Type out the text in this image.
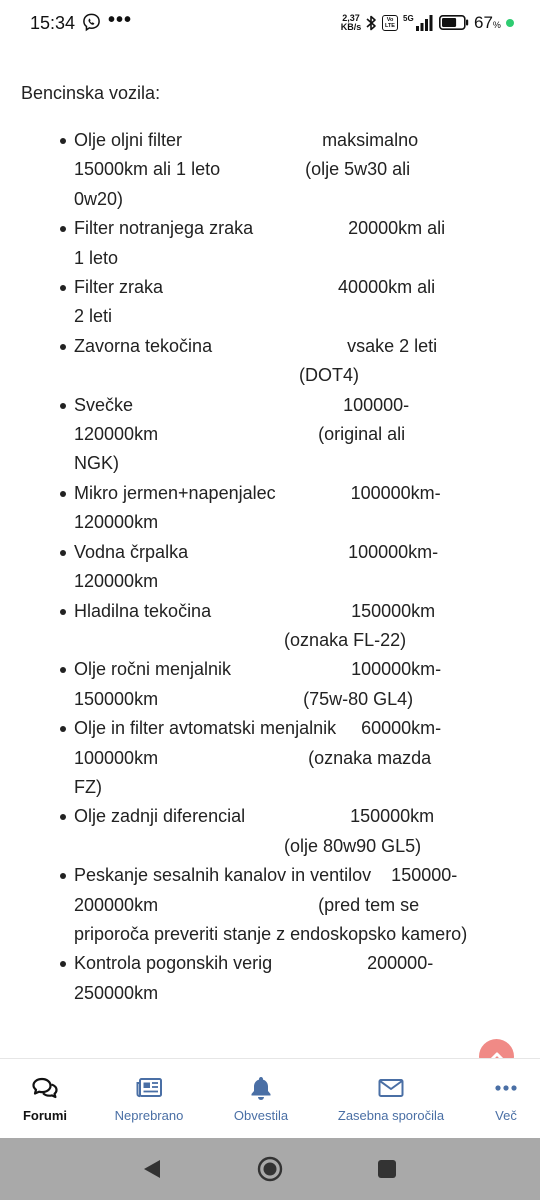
15:34 •••	2,37
KB/s
Vo LTE
5G	67%
Bencinska vozila:
Olje oljni filter                            maksimalno
15000km ali 1 leto                 (olje 5w30 ali
0w20)
Filter notranjega zraka                   20000km ali
1 leto
Filter zraka                                   40000km ali
2 leti
Zavorna tekočina                           vsake 2 leti
(DOT4)
Svečke                                          100000-
120000km                                (original ali
NGK)
Mikro jermen+napenjalec               100000km-
120000km
Vodna črpalka                                100000km-
120000km
Hladilna tekočina                            150000km
(oznaka FL-22)
Olje ročni menjalnik                        100000km-
150000km                             (75w-80 GL4)
Olje in filter avtomatski menjalnik     60000km-
100000km                              (oznaka mazda
FZ)
Olje zadnji diferencial                     150000km
(olje 80w90 GL5)
Peskanje sesalnih kanalov in ventilov    150000-
200000km                                (pred tem se
priporoča preveriti stanje z endoskopsko kamero)
Kontrola pogonskih verig                   200000-
250000km
Forumi	Neprebrano	Obvestila	Zasebna sporočila	Več
